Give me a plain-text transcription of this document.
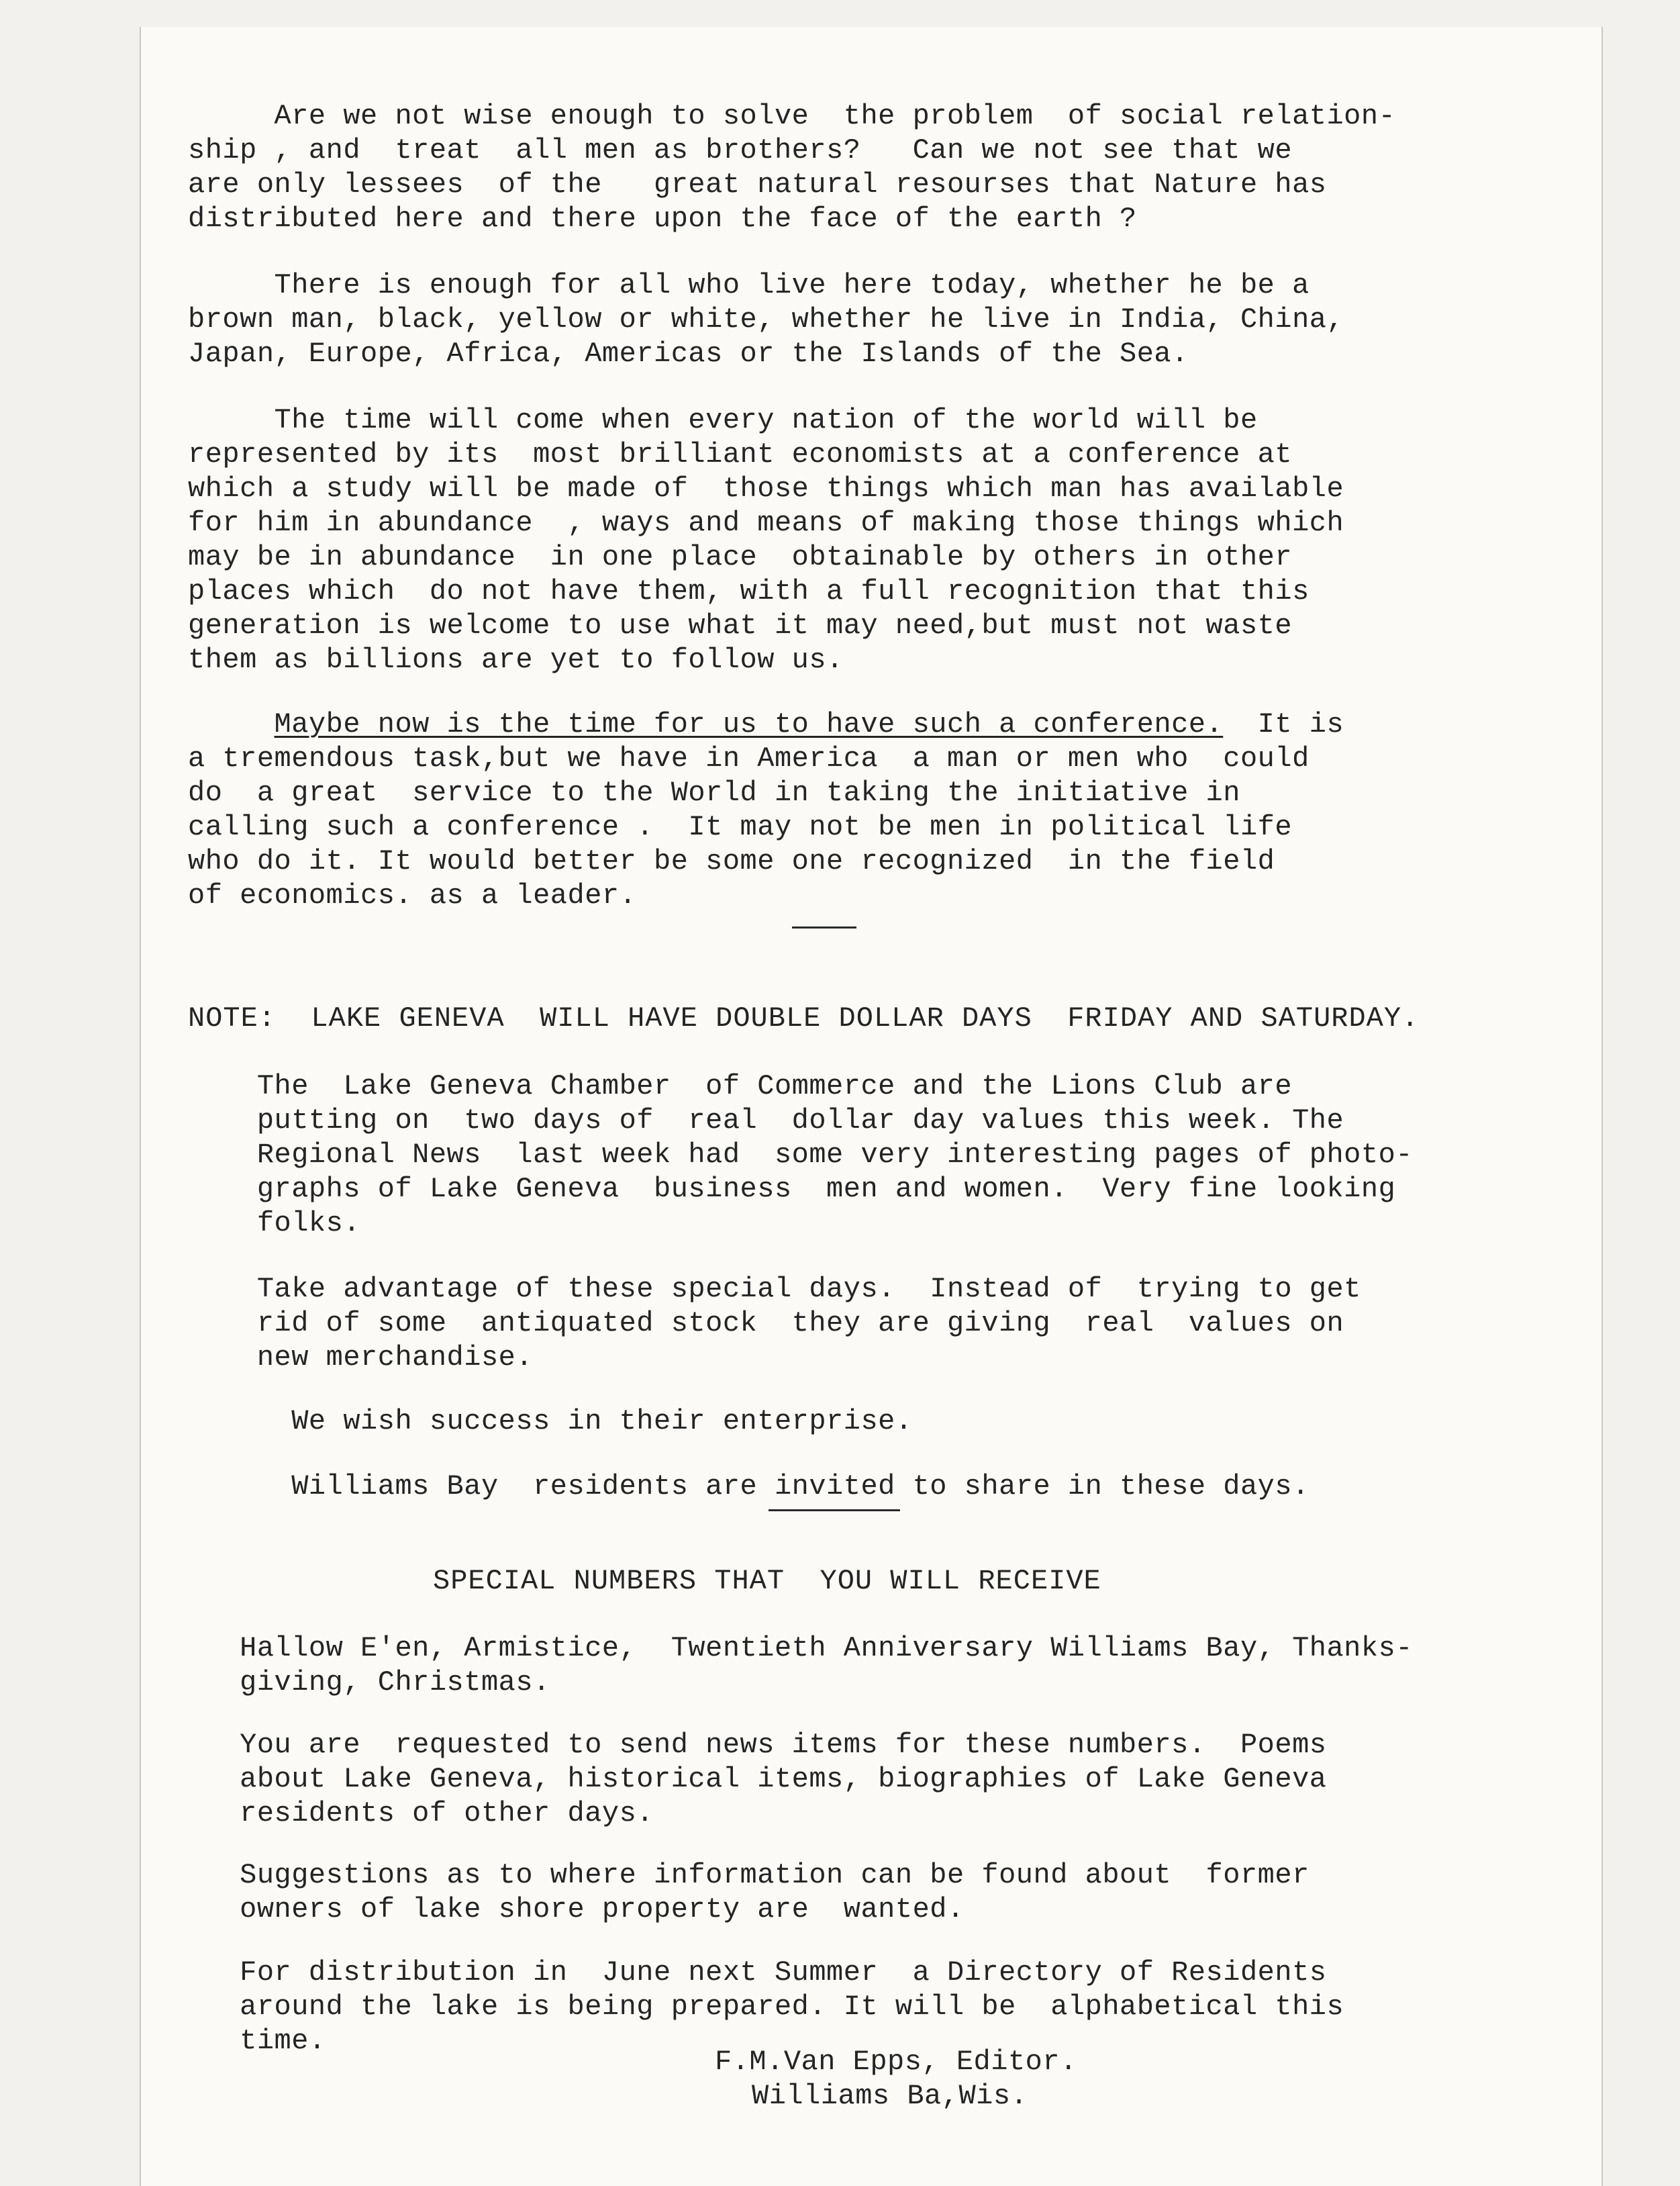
Are we not wise enough to solve  the problem  of social relation-
ship , and  treat  all men as brothers?   Can we not see that we
are only lessees  of the   great natural resourses that Nature has
distributed here and there upon the face of the earth ?
There is enough for all who live here today, whether he be a
brown man, black, yellow or white, whether he live in India, China,
Japan, Europe, Africa, Americas or the Islands of the Sea.
The time will come when every nation of the world will be
represented by its  most brilliant economists at a conference at
which a study will be made of  those things which man has available
for him in abundance  , ways and means of making those things which
may be in abundance  in one place  obtainable by others in other
places which  do not have them, with a full recognition that this
generation is welcome to use what it may need,but must not waste
them as billions are yet to follow us.
Maybe now is the time for us to have such a conference.  It is
a tremendous task,but we have in America  a man or men who  could
do  a great  service to the World in taking the initiative in
calling such a conference .  It may not be men in political life
who do it. It would better be some one recognized  in the field
of economics. as a leader.
NOTE:  LAKE GENEVA  WILL HAVE DOUBLE DOLLAR DAYS  FRIDAY AND SATURDAY.
The  Lake Geneva Chamber  of Commerce and the Lions Club are
putting on  two days of  real  dollar day values this week. The
Regional News  last week had  some very interesting pages of photo-
graphs of Lake Geneva  business  men and women.  Very fine looking
folks.
Take advantage of these special days.  Instead of  trying to get
rid of some  antiquated stock  they are giving  real  values on
new merchandise.
We wish success in their enterprise.
Williams Bay  residents are invited to share in these days.
SPECIAL NUMBERS THAT  YOU WILL RECEIVE
Hallow E'en, Armistice,  Twentieth Anniversary Williams Bay, Thanks-
giving, Christmas.
You are  requested to send news items for these numbers.  Poems
about Lake Geneva, historical items, biographies of Lake Geneva
residents of other days.
Suggestions as to where information can be found about  former
owners of lake shore property are  wanted.
For distribution in  June next Summer  a Directory of Residents
around the lake is being prepared. It will be  alphabetical this
time.
F.M.Van Epps, Editor.
Williams Ba,Wis.
